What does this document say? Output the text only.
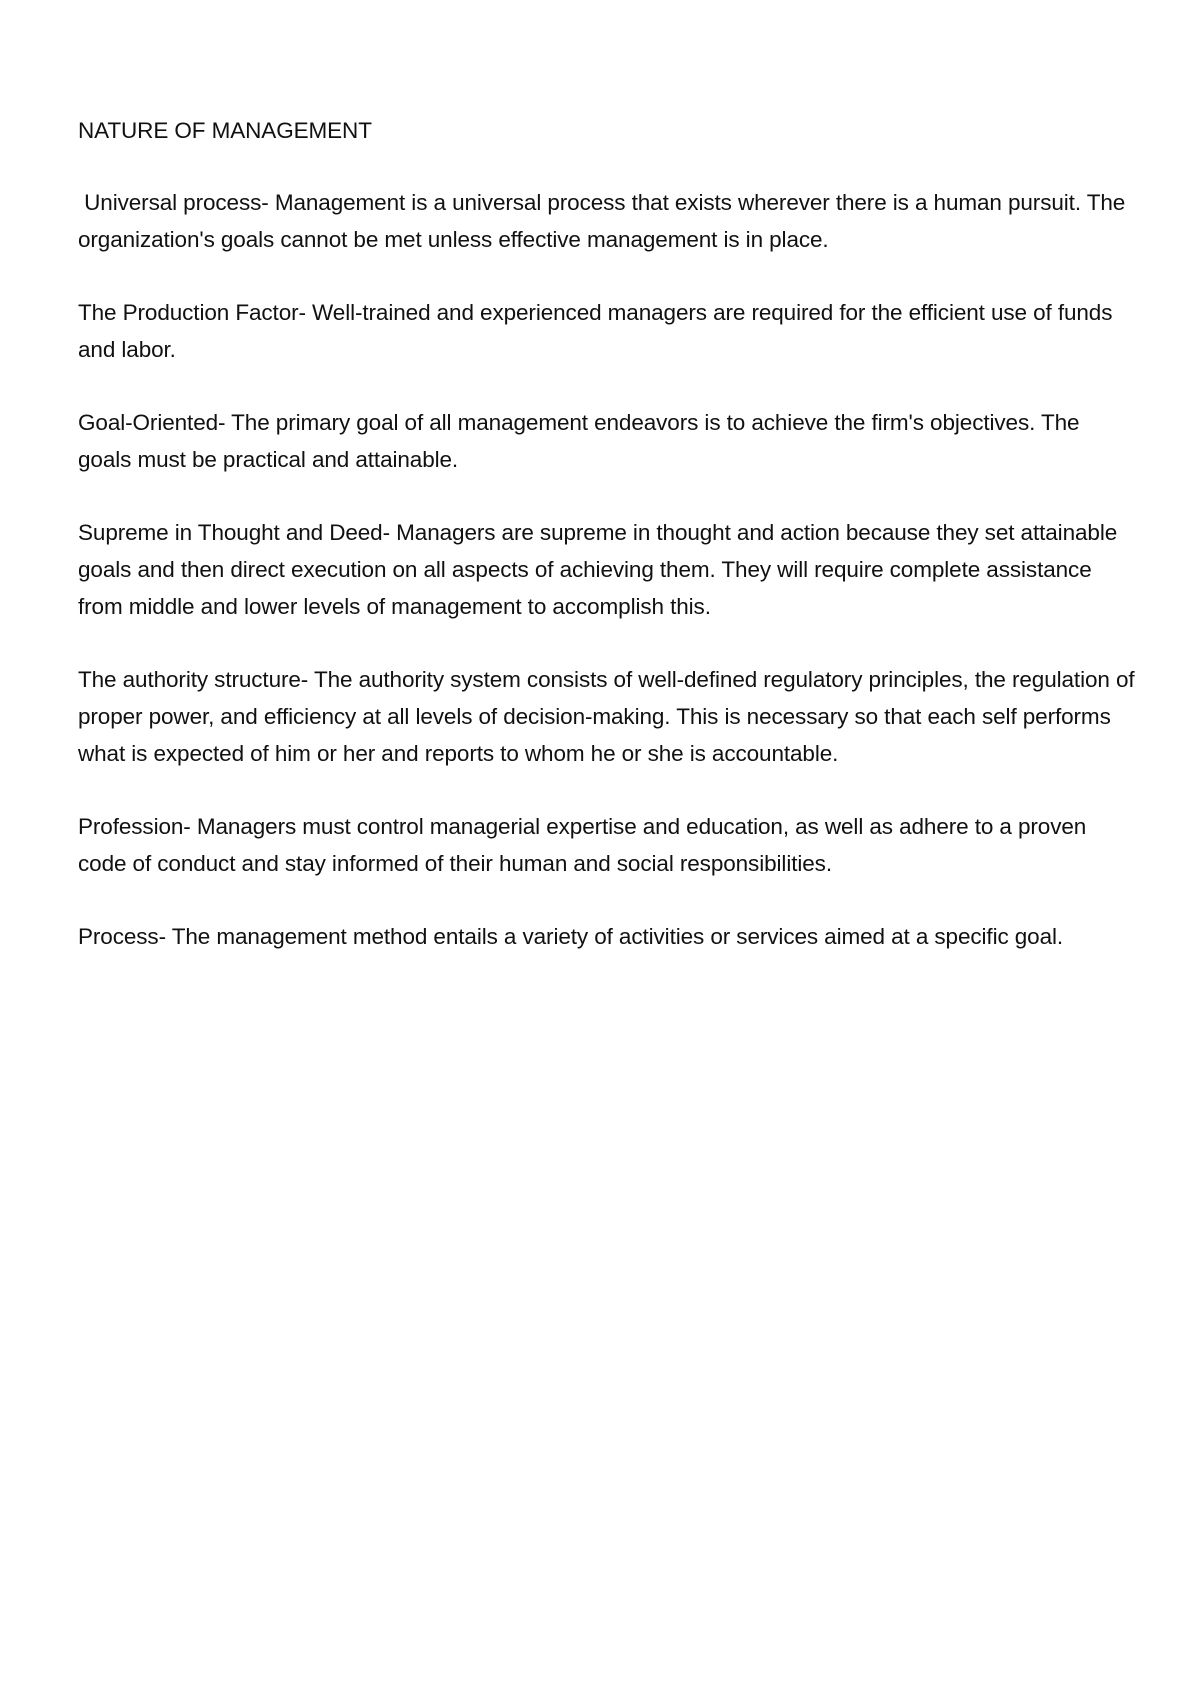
NATURE OF MANAGEMENT

Universal process- Management is a universal process that exists wherever there is a human pursuit. The organization's goals cannot be met unless effective management is in place.

The Production Factor- Well-trained and experienced managers are required for the efficient use of funds and labor.

Goal-Oriented- The primary goal of all management endeavors is to achieve the firm's objectives. The goals must be practical and attainable.

Supreme in Thought and Deed- Managers are supreme in thought and action because they set attainable goals and then direct execution on all aspects of achieving them. They will require complete assistance from middle and lower levels of management to accomplish this.

The authority structure- The authority system consists of well-defined regulatory principles, the regulation of proper power, and efficiency at all levels of decision-making. This is necessary so that each self performs what is expected of him or her and reports to whom he or she is accountable.

Profession- Managers must control managerial expertise and education, as well as adhere to a proven code of conduct and stay informed of their human and social responsibilities.

Process- The management method entails a variety of activities or services aimed at a specific goal.
